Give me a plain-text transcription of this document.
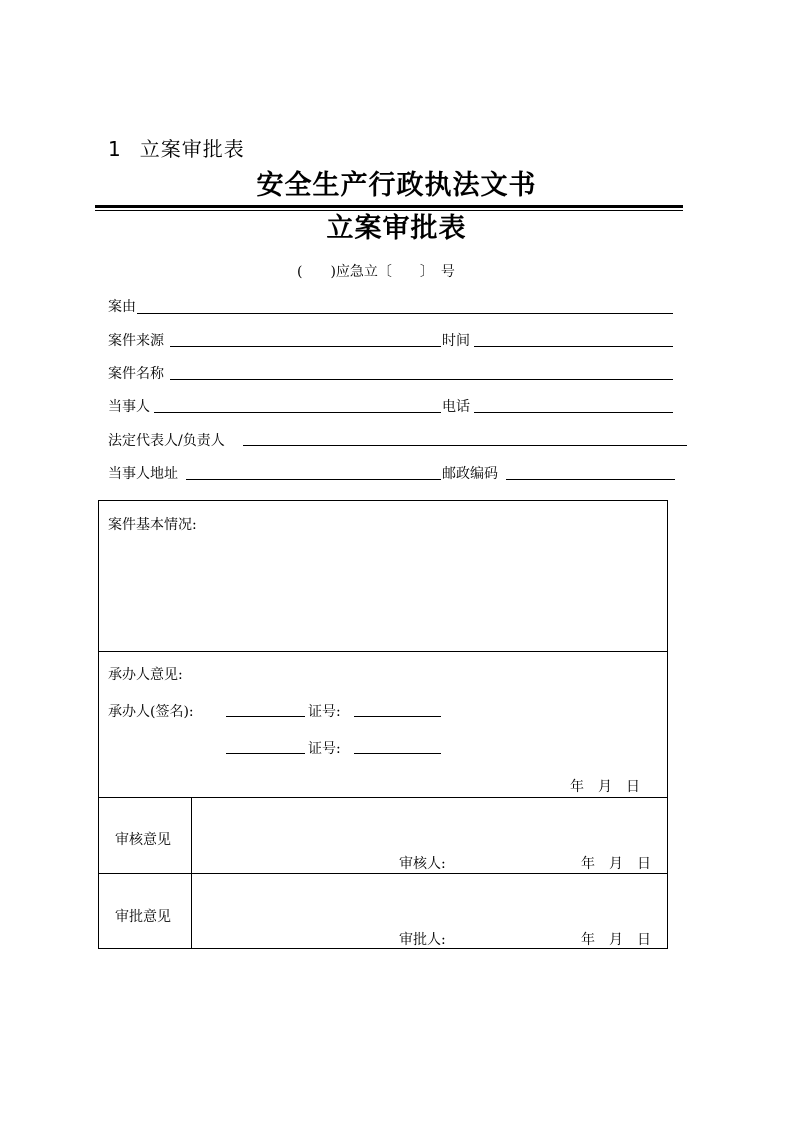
1 立案审批表
安全生产行政执法文书
立案审批表
(　　)应急立〔　　〕　号
案由
案件来源	时间
案件名称
当事人	电话
法定代表人/负责人
当事人地址	邮政编码
案件基本情况:
承办人意见:
承办人(签名):	证号:
证号:
年　月　日
审核意见
审核人:	年　月　日
审批意见
审批人:	年　月　日
